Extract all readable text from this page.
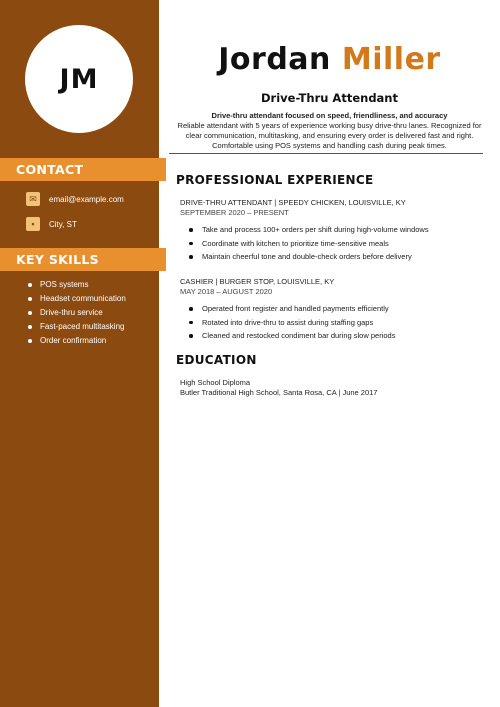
JM
CONTACT
✉	email@example.com
▪	City, ST
KEY SKILLS
POS systems
Headset communication
Drive-thru service
Fast-paced multitasking
Order confirmation
Jordan Miller
Drive-Thru Attendant
Drive-thru attendant focused on speed, friendliness, and accuracy
Reliable attendant with 5 years of experience working busy drive-thru lanes. Recognized for clear communication, multitasking, and ensuring every order is delivered fast and right. Comfortable using POS systems and handling cash during peak times.
PROFESSIONAL EXPERIENCE
DRIVE-THRU ATTENDANT | SPEEDY CHICKEN, LOUISVILLE, KY
SEPTEMBER 2020 – PRESENT
Take and process 100+ orders per shift during high-volume windows
Coordinate with kitchen to prioritize time-sensitive meals
Maintain cheerful tone and double-check orders before delivery
CASHIER | BURGER STOP, LOUISVILLE, KY
MAY 2018 – AUGUST 2020
Operated front register and handled payments efficiently
Rotated into drive-thru to assist during staffing gaps
Cleaned and restocked condiment bar during slow periods
EDUCATION
High School Diploma
Butler Traditional High School, Santa Rosa, CA | June 2017
